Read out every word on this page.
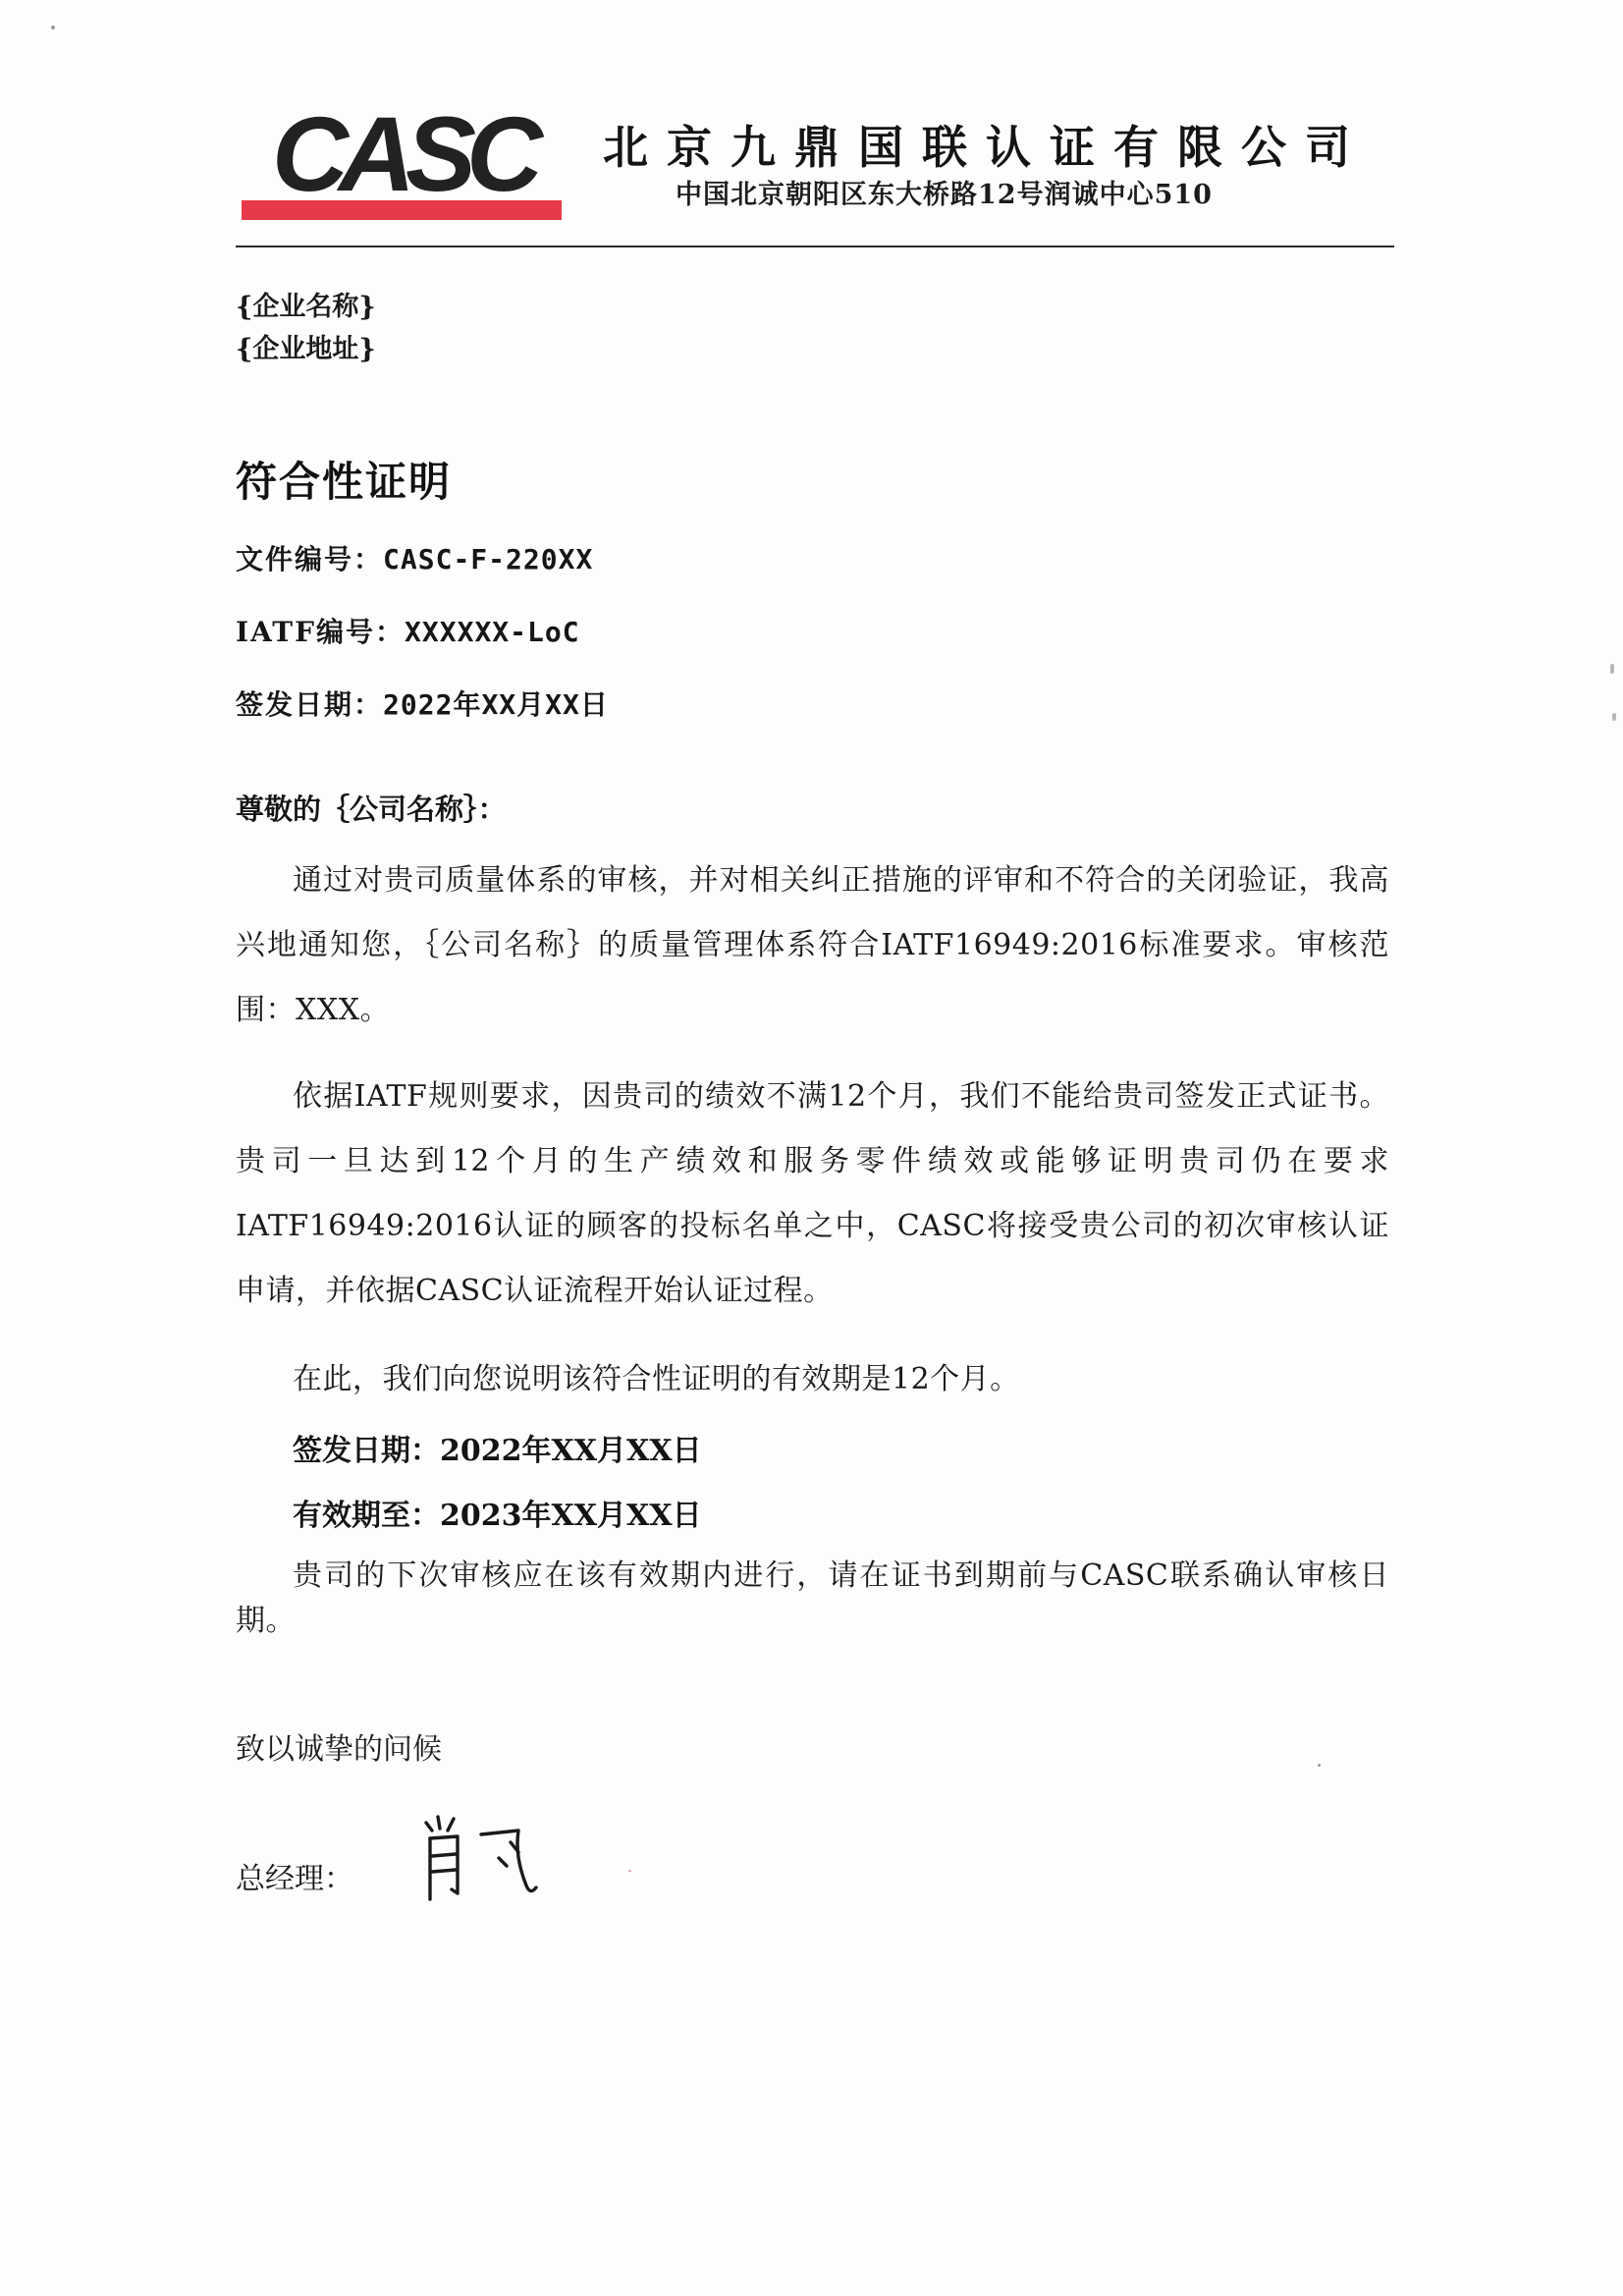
CASC 北京九鼎国联认证有限公司
中国北京朝阳区东大桥路12号润诚中心510
{企业名称}
{企业地址}
符合性证明
文件编号：CASC-F-220XX
IATF编号：XXXXXX-LoC
签发日期：2022年XX月XX日
尊敬的｛公司名称｝：

通过对贵司质量体系的审核，并对相关纠正措施的评审和不符合的关闭验证，我高兴地通知您，｛公司名称｝的质量管理体系符合IATF16949:2016标准要求。审核范围：XXX。

依据IATF规则要求，因贵司的绩效不满12个月，我们不能给贵司签发正式证书。贵司一旦达到12个月的生产绩效和服务零件绩效或能够证明贵司仍在要求IATF16949:2016认证的顾客的投标名单之中，CASC将接受贵公司的初次审核认证申请，并依据CASC认证流程开始认证过程。

在此，我们向您说明该符合性证明的有效期是12个月。

签发日期：2022年XX月XX日
有效期至：2023年XX月XX日

贵司的下次审核应在该有效期内进行，请在证书到期前与CASC联系确认审核日期。

致以诚挚的问候
总经理：
